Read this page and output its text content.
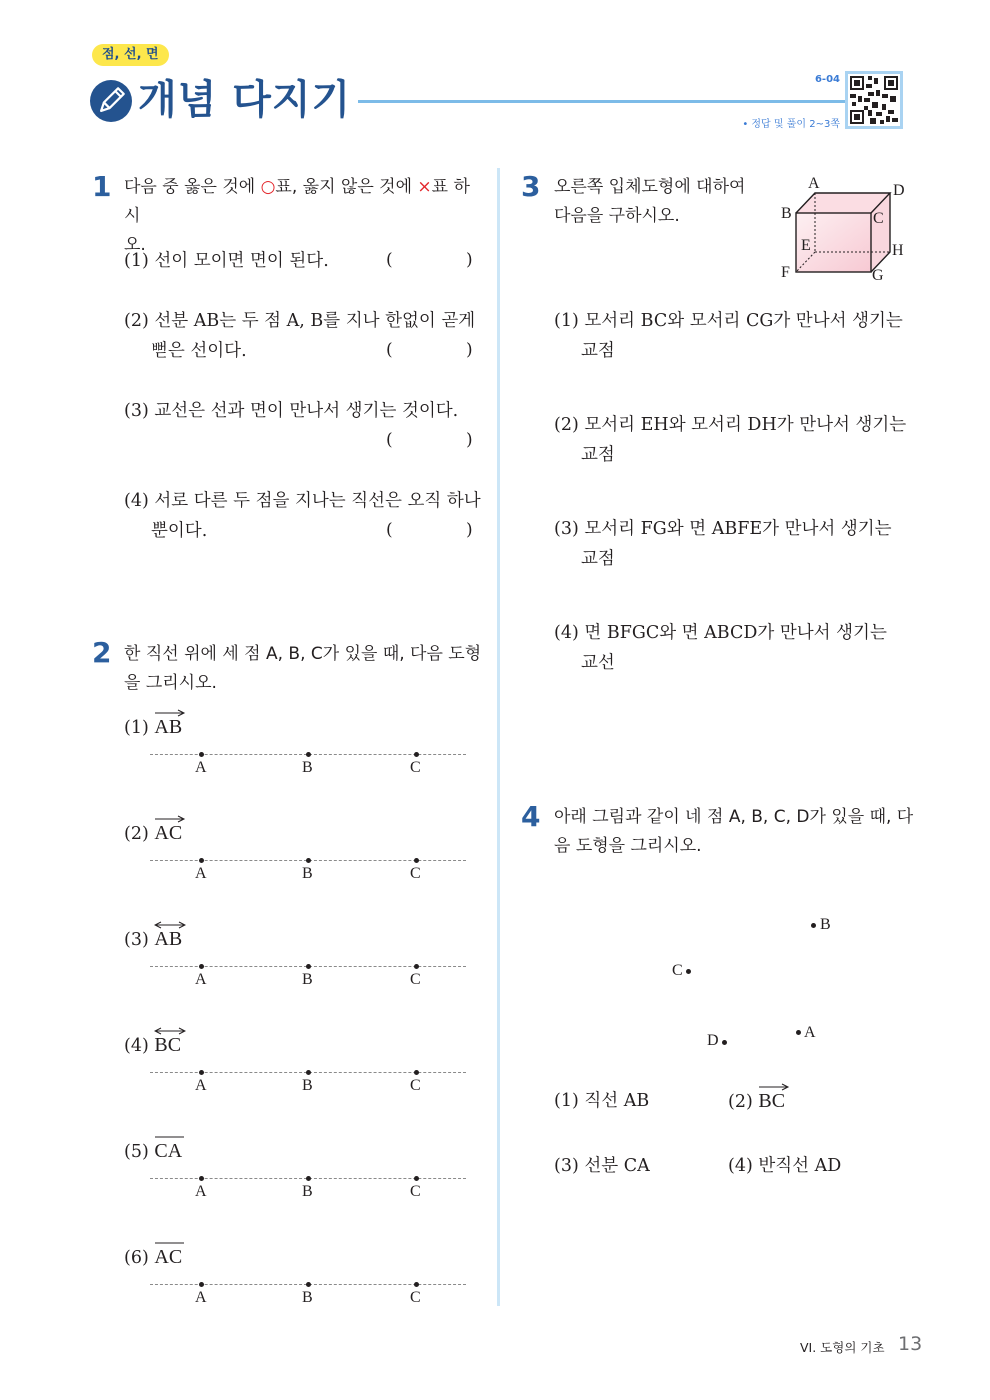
점, 선, 면
개념 다지기	6-04
• 정답 및 풀이 2~3쪽
1 다음 중 옳은 것에 ○표, 옳지 않은 것에 ×표 하시
오.
(1) 선이 모이면 면이 된다.	(	)
(2) 선분 AB는 두 점 A, B를 지나 한없이 곧게
뻗은 선이다.	(	)
(3) 교선은 선과 면이 만나서 생기는 것이다.
(	)
(4) 서로 다른 두 점을 지나는 직선은 오직 하나
뿐이다.	(	)
2 한 직선 위에 세 점 A, B, C가 있을 때, 다음 도형
을 그리시오.
(1) AB
A	B	C
(2) AC
A	B	C
(3) AB
A	B	C
(4) BC
A	B	C
(5) CA
A	B	C
(6) AC
A	B	C
3 오른쪽 입체도형에 대하여
다음을 구하시오.
A
B	C
D
E
F	G
H
(1) 모서리 BC와 모서리 CG가 만나서 생기는
교점
(2) 모서리 EH와 모서리 DH가 만나서 생기는
교점
(3) 모서리 FG와 면 ABFE가 만나서 생기는
교점
(4) 면 BFGC와 면 ABCD가 만나서 생기는
교선
4 아래 그림과 같이 네 점 A, B, C, D가 있을 때, 다
음 도형을 그리시오.
B
C
A
D
(1) 직선 AB	(2) BC
(3) 선분 CA	(4) 반직선 AD
VI. 도형의 기초 13
